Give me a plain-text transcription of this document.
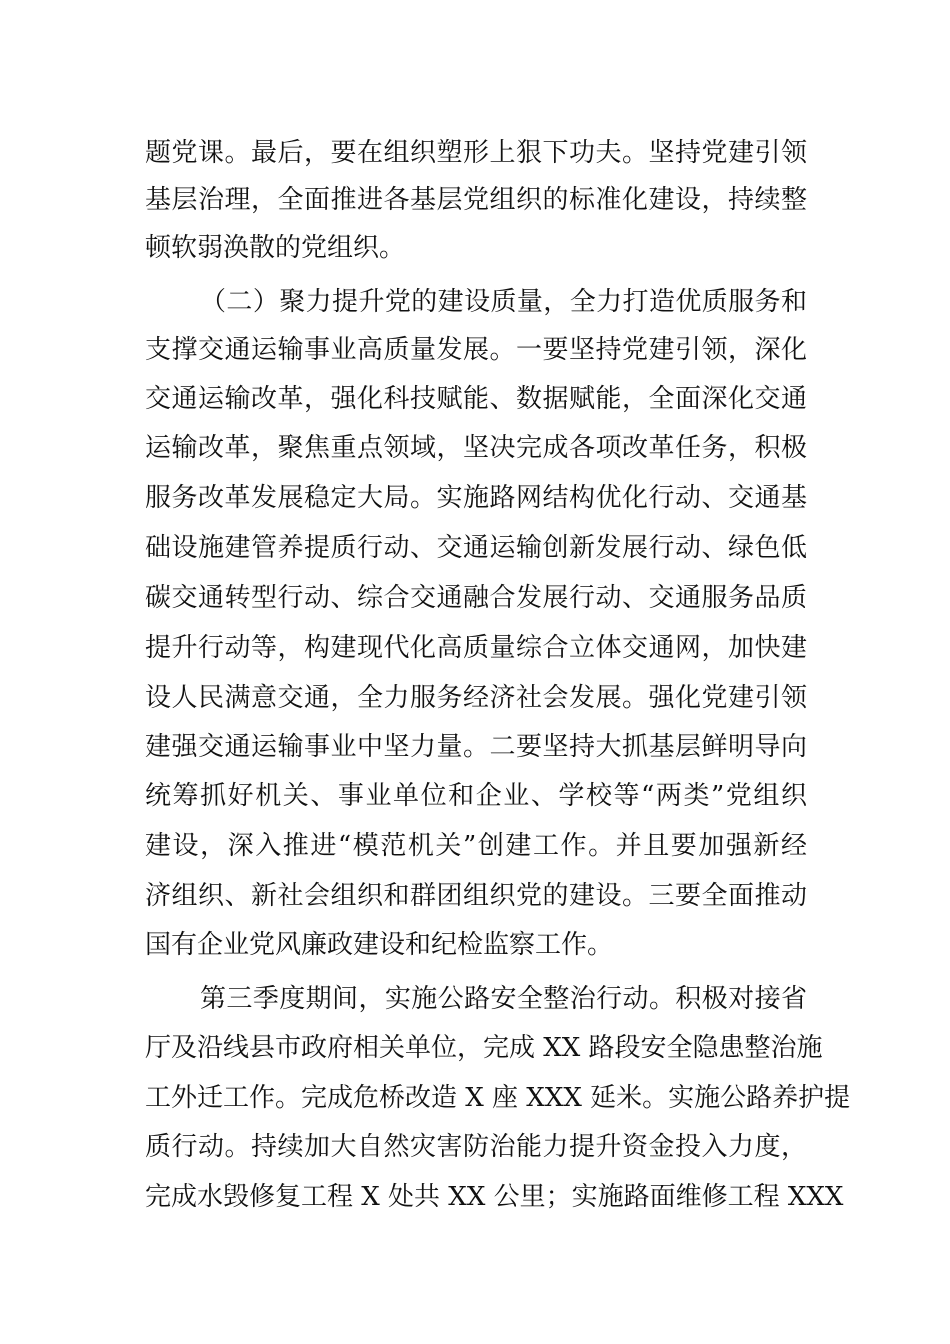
题党课。最后，要在组织塑形上狠下功夫。坚持党建引领
基层治理，全面推进各基层党组织的标准化建设，持续整
顿软弱涣散的党组织。
（二）聚力提升党的建设质量，全力打造优质服务和
支撑交通运输事业高质量发展。一要坚持党建引领，深化
交通运输改革，强化科技赋能、数据赋能，全面深化交通
运输改革，聚焦重点领域，坚决完成各项改革任务，积极
服务改革发展稳定大局。实施路网结构优化行动、交通基
础设施建管养提质行动、交通运输创新发展行动、绿色低
碳交通转型行动、综合交通融合发展行动、交通服务品质
提升行动等，构建现代化高质量综合立体交通网，加快建
设人民满意交通，全力服务经济社会发展。强化党建引领
建强交通运输事业中坚力量。二要坚持大抓基层鲜明导向
统筹抓好机关、事业单位和企业、学校等“两类”党组织
建设，深入推进“模范机关”创建工作。并且要加强新经
济组织、新社会组织和群团组织党的建设。三要全面推动
国有企业党风廉政建设和纪检监察工作。
第三季度期间，实施公路安全整治行动。积极对接省
厅及沿线县市政府相关单位，完成 XX 路段安全隐患整治施
工外迁工作。完成危桥改造 X 座 XXX 延米。实施公路养护提
质行动。持续加大自然灾害防治能力提升资金投入力度，
完成水毁修复工程 X 处共 XX 公里；实施路面维修工程 XXX
